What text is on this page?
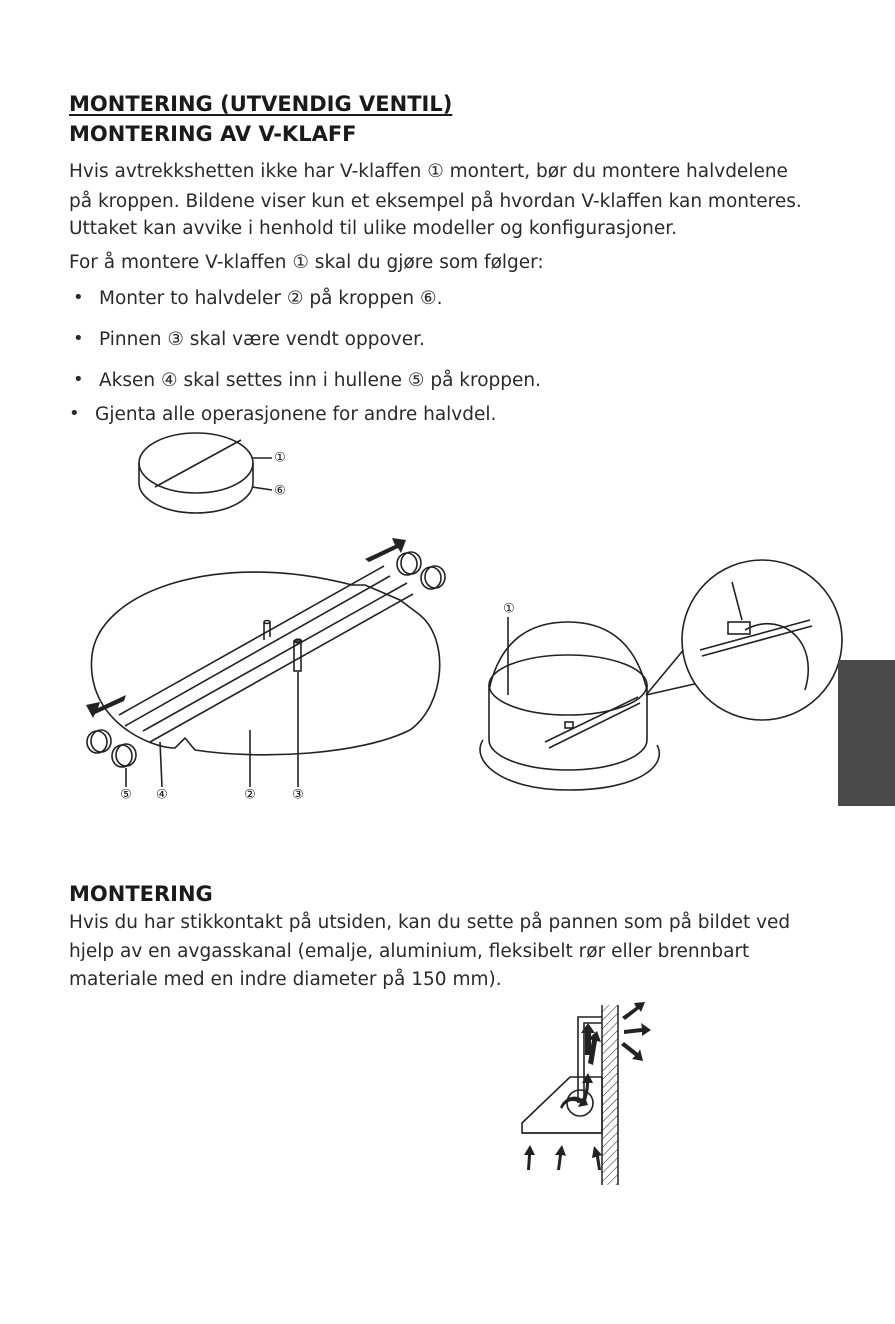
MONTERING (UTVENDIG VENTIL)
MONTERING AV V-KLAFF
Hvis avtrekkshetten ikke har V-klaffen ① montert, bør du montere halvdelene
på kroppen. Bildene viser kun et eksempel på hvordan V-klaffen kan monteres.
Uttaket kan avvike i henhold til ulike modeller og konfigurasjoner.
For å montere V-klaffen ① skal du gjøre som følger:
• Monter to halvdeler ② på kroppen ⑥.
• Pinnen ③ skal være vendt oppover.
• Aksen ④ skal settes inn i hullene ⑤ på kroppen.
• Gjenta alle operasjonene for andre halvdel.
①
⑥
⑤ ④	②	③
①
MONTERING
Hvis du har stikkontakt på utsiden, kan du sette på pannen som på bildet ved
hjelp av en avgasskanal (emalje, aluminium, fleksibelt rør eller brennbart
materiale med en indre diameter på 150 mm).
